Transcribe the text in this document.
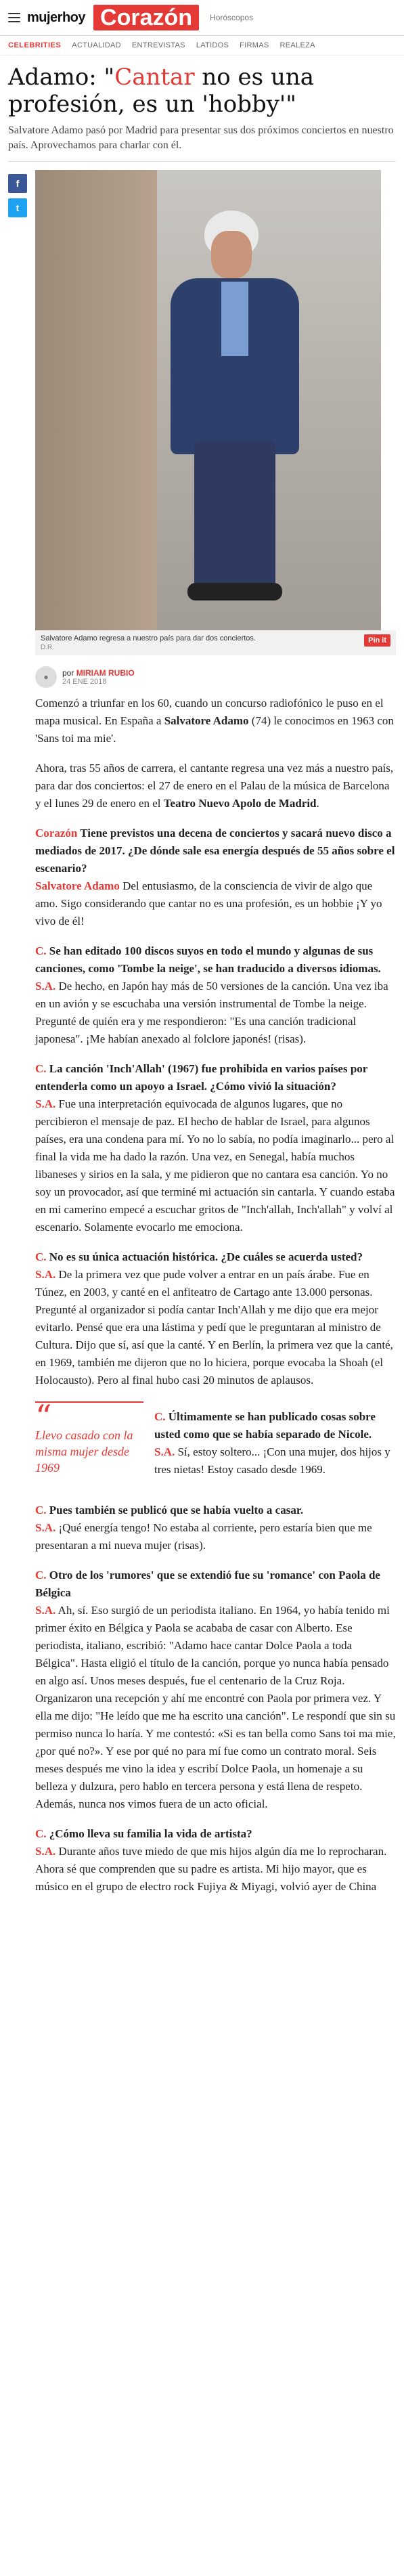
mujerhoy Corazón	Horóscopos
CELEBRITIES ACTUALIDAD ENTREVISTAS LATIDOS FIRMAS REALEZA
Adamo: "Cantar no es una profesión, es un 'hobby'"

Salvatore Adamo pasó por Madrid para presentar sus dos próximos conciertos en nuestro país. Aprovechamos para charlar con él.

f
t
Salvatore Adamo regresa a nuestro país para dar dos conciertos.
D.R.
Pin it
●	por MIRIAM RUBIO
24 ENE 2018

Comenzó a triunfar en los 60, cuando un concurso radiofónico le puso en el mapa musical. En España a Salvatore Adamo (74) le conocimos en 1963 con 'Sans toi ma mie'.

Ahora, tras 55 años de carrera, el cantante regresa una vez más a nuestro país, para dar dos conciertos: el 27 de enero en el Palau de la música de Barcelona y el lunes 29 de enero en el Teatro Nuevo Apolo de Madrid.

Corazón Tiene previstos una decena de conciertos y sacará nuevo disco a mediados de 2017. ¿De dónde sale esa energía después de 55 años sobre el escenario?
Salvatore Adamo Del entusiasmo, de la consciencia de vivir de algo que amo. Sigo considerando que cantar no es una profesión, es un hobbie ¡Y yo vivo de él!

C. Se han editado 100 discos suyos en todo el mundo y algunas de sus canciones, como 'Tombe la neige', se han traducido a diversos idiomas.
S.A. De hecho, en Japón hay más de 50 versiones de la canción. Una vez iba en un avión y se escuchaba una versión instrumental de Tombe la neige. Pregunté de quién era y me respondieron: "Es una canción tradicional japonesa". ¡Me habían anexado al folclore japonés! (risas).

C. La canción 'Inch'Allah' (1967) fue prohibida en varios países por entenderla como un apoyo a Israel. ¿Cómo vivió la situación?
S.A. Fue una interpretación equivocada de algunos lugares, que no percibieron el mensaje de paz. El hecho de hablar de Israel, para algunos países, era una condena para mí. Yo no lo sabía, no podía imaginarlo... pero al final la vida me ha dado la razón. Una vez, en Senegal, había muchos libaneses y sirios en la sala, y me pidieron que no cantara esa canción. Yo no soy un provocador, así que terminé mi actuación sin cantarla. Y cuando estaba en mi camerino empecé a escuchar gritos de "Inch'allah, Inch'allah" y volví al escenario. Solamente evocarlo me emociona.

C. No es su única actuación histórica. ¿De cuáles se acuerda usted?
S.A. De la primera vez que pude volver a entrar en un país árabe. Fue en Túnez, en 2003, y canté en el anfiteatro de Cartago ante 13.000 personas. Pregunté al organizador si podía cantar Inch'Allah y me dijo que era mejor evitarlo. Pensé que era una lástima y pedí que le preguntaran al ministro de Cultura. Dijo que sí, así que la canté. Y en Berlín, la primera vez que la canté, en 1969, también me dijeron que no lo hiciera, porque evocaba la Shoah (el Holocausto). Pero al final hubo casi 20 minutos de aplausos.

“
Llevo casado con la misma mujer desde 1969
C. Últimamente se han publicado cosas sobre usted como que se había separado de Nicole.
S.A. Sí, estoy soltero... ¡Con una mujer, dos hijos y tres nietas! Estoy casado desde 1969.

C. Pues también se publicó que se había vuelto a casar.
S.A. ¡Qué energía tengo! No estaba al corriente, pero estaría bien que me presentaran a mi nueva mujer (risas).

C. Otro de los 'rumores' que se extendió fue su 'romance' con Paola de Bélgica
S.A. Ah, sí. Eso surgió de un periodista italiano. En 1964, yo había tenido mi primer éxito en Bélgica y Paola se acababa de casar con Alberto. Ese periodista, italiano, escribió: "Adamo hace cantar Dolce Paola a toda Bélgica". Hasta eligió el título de la canción, porque yo nunca había pensado en algo así. Unos meses después, fue el centenario de la Cruz Roja. Organizaron una recepción y ahí me encontré con Paola por primera vez. Y ella me dijo: "He leído que me ha escrito una canción". Le respondí que sin su permiso nunca lo haría. Y me contestó: «Si es tan bella como Sans toi ma mie, ¿por qué no?». Y ese por qué no para mí fue como un contrato moral. Seis meses después me vino la idea y escribí Dolce Paola, un homenaje a su belleza y dulzura, pero hablo en tercera persona y está llena de respeto. Además, nunca nos vimos fuera de un acto oficial.

C. ¿Cómo lleva su familia la vida de artista?
S.A. Durante años tuve miedo de que mis hijos algún día me lo reprocharan. Ahora sé que comprenden que su padre es artista. Mi hijo mayor, que es músico en el grupo de electro rock Fujiya & Miyagi, volvió ayer de China
